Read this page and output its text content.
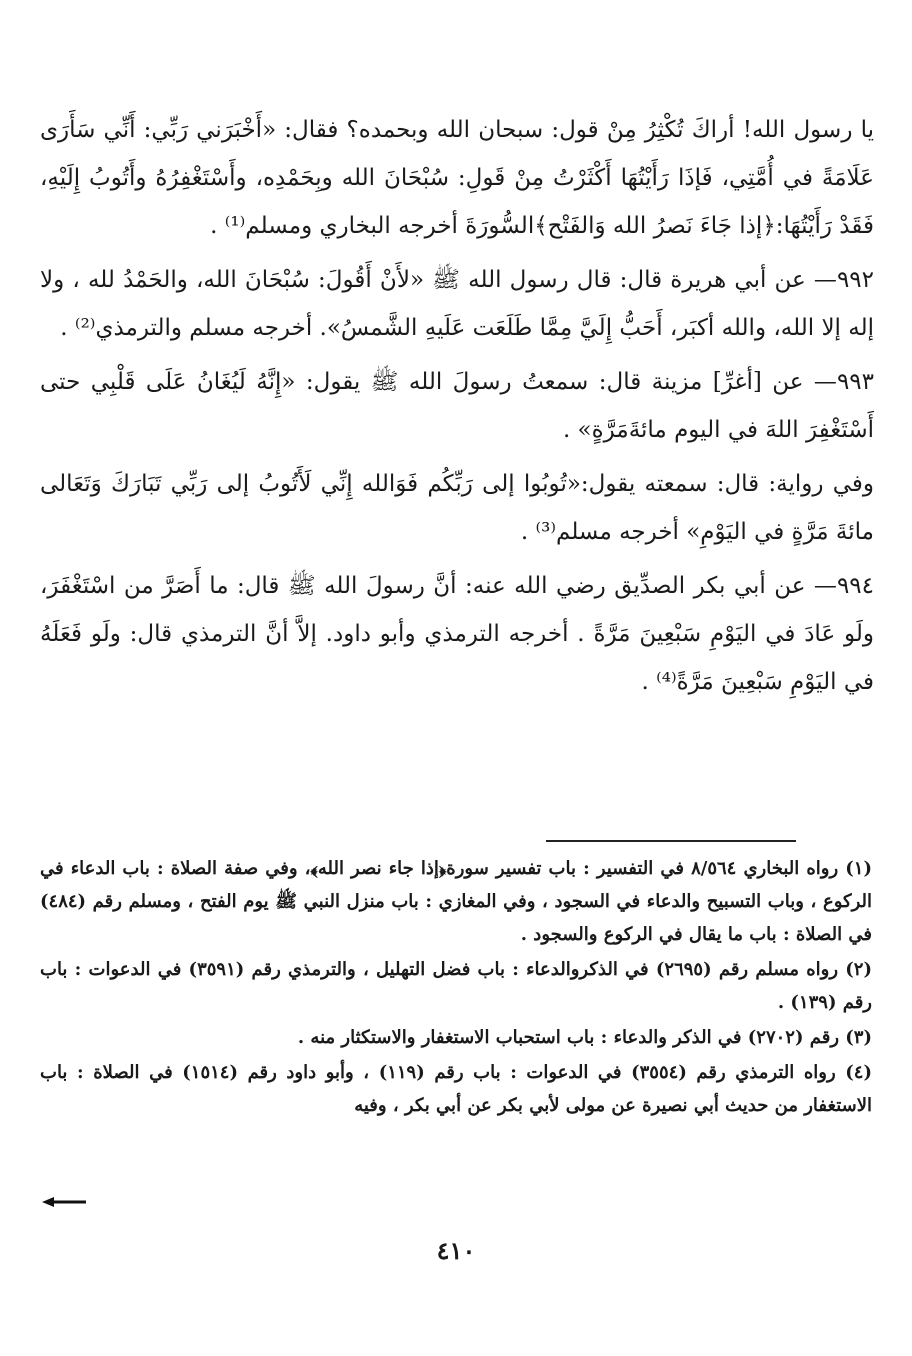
يا رسول الله! أراكَ تُكْثِرُ مِنْ قول: سبحان الله وبحمده؟ فقال: «أَخْبَرَني رَبِّي: أَنِّي سَأَرَى عَلَامَةً في أُمَّتِي، فَإذَا رَأَيْتُهَا أَكْثَرْتُ مِنْ قَولِ: سُبْحَانَ الله وبِحَمْدِه، وأَسْتَغْفِرُهُ وأَتُوبُ إِلَيْهِ، فَقَدْ رَأَيْتُهَا:﴿إذا جَاءَ نَصرُ الله وَالفَتْح﴾السُّورَةَ أخرجه البخاري ومسلم⁽¹⁾ .

٩٩٢— عن أبي هريرة قال: قال رسول الله ﷺ «لأَنْ أَقُولَ: سُبْحَانَ الله، والحَمْدُ لله ، ولا إله إلا الله، والله أكبَر، أَحَبُّ إِلَيَّ مِمَّا طَلَعَت عَلَيهِ الشَّمسُ». أخرجه مسلم والترمذي⁽²⁾ .

٩٩٣— عن [أغرِّ] مزينة قال: سمعتُ رسولَ الله ﷺ يقول: «إِنَّهُ لَيُغَانُ عَلَى قَلْبِي حتى أَسْتَغْفِرَ اللهَ في اليوم مائةَمَرَّةٍ» .

وفي رواية: قال: سمعته يقول:«تُوبُوا إلى رَبِّكُم فَوَالله إِنِّي لَأَتُوبُ إلى رَبِّي تَبَارَكَ وَتَعَالى مائةَ مَرَّةٍ في اليَوْمِ» أخرجه مسلم⁽³⁾ .

٩٩٤— عن أبي بكر الصدِّيق رضي الله عنه: أنَّ رسولَ الله ﷺ قال: ما أَصَرَّ من اسْتَغْفَرَ، ولَو عَادَ في اليَوْمِ سَبْعِينَ مَرَّةً . أخرجه الترمذي وأبو داود. إلاَّ أنَّ الترمذي قال: ولَو فَعَلَهُ في اليَوْمِ سَبْعِينَ مَرَّةً⁽⁴⁾ .

(١) رواه البخاري ٨/٥٦٤ في التفسير : باب تفسير سورة﴿إذا جاء نصر الله﴾، وفي صفة الصلاة : باب الدعاء في الركوع ، وباب التسبيح والدعاء في السجود ، وفي المغازي : باب منزل النبي ﷺ يوم الفتح ، ومسلم رقم (٤٨٤) في الصلاة : باب ما يقال في الركوع والسجود .

(٢) رواه مسلم رقم (٢٦٩٥) في الذكروالدعاء : باب فضل التهليل ، والترمذي رقم (٣٥٩١) في الدعوات : باب رقم (١٣٩) .

(٣) رقم (٢٧٠٢) في الذكر والدعاء : باب استحباب الاستغفار والاستكثار منه .

(٤) رواه الترمذي رقم (٣٥٥٤) في الدعوات : باب رقم (١١٩) ، وأبو داود رقم (١٥١٤) في الصلاة : باب الاستغفار من حديث أبي نصيرة عن مولى لأبي بكر عن أبي بكر ، وفيه

٤١٠
